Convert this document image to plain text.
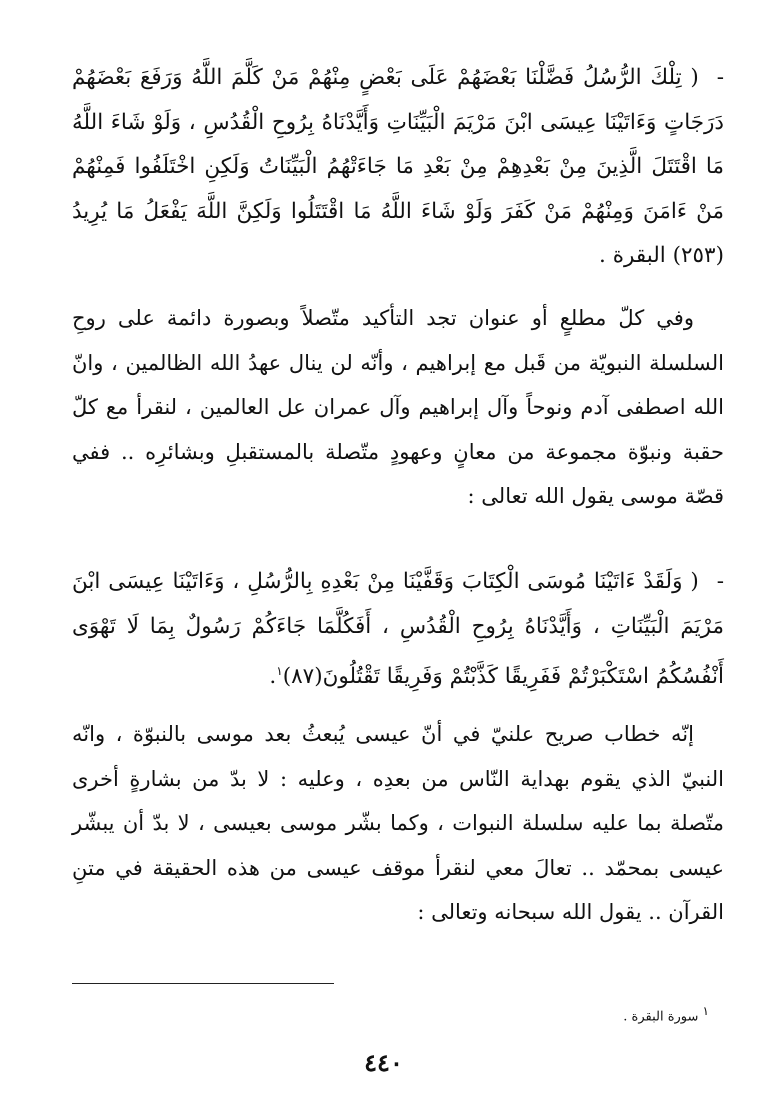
-( تِلْكَ الرُّسُلُ فَضَّلْنَا بَعْضَهُمْ عَلَى بَعْضٍ مِنْهُمْ مَنْ كَلَّمَ اللَّهُ وَرَفَعَ بَعْضَهُمْ دَرَجَاتٍ وَءَاتَيْنَا عِيسَى ابْنَ مَرْيَمَ الْبَيِّنَاتِ وَأَيَّدْنَاهُ بِرُوحِ الْقُدُسِ ، وَلَوْ شَاءَ اللَّهُ مَا اقْتَتَلَ الَّذِينَ مِنْ بَعْدِهِمْ مِنْ بَعْدِ مَا جَاءَتْهُمُ الْبَيِّنَاتُ وَلَكِنِ اخْتَلَفُوا فَمِنْهُمْ مَنْ ءَامَنَ وَمِنْهُمْ مَنْ كَفَرَ وَلَوْ شَاءَ اللَّهُ مَا اقْتَتَلُوا وَلَكِنَّ اللَّهَ يَفْعَلُ مَا يُرِيدُ (٢٥٣) البقرة .
وفي كلّ مطلعٍ أو عنوان تجد التأكيد متّصلاً وبصورة دائمة على روحِ السلسلة النبويّة من قَبل مع إبراهيم ، وأنّه لن ينال عهدُ الله الظالمين ، وانّ الله اصطفى آدم ونوحاً وآل إبراهيم وآل عمران عل العالمين ، لنقرأ مع كلّ حقبة ونبوّة مجموعة من معانٍ وعهودٍ متّصلة بالمستقبلِ وبشائرِه .. ففي قصّة موسى يقول الله تعالى :
-( وَلَقَدْ ءَاتَيْنَا مُوسَى الْكِتَابَ وَقَفَّيْنَا مِنْ بَعْدِهِ بِالرُّسُلِ ، وَءَاتَيْنَا عِيسَى ابْنَ مَرْيَمَ الْبَيِّنَاتِ ، وَأَيَّدْنَاهُ بِرُوحِ الْقُدُسِ ، أَفَكُلَّمَا جَاءَكُمْ رَسُولٌ بِمَا لَا تَهْوَى أَنْفُسُكُمُ اسْتَكْبَرْتُمْ فَفَرِيقًا كَذَّبْتُمْ وَفَرِيقًا تَقْتُلُونَ(٨٧)$^١$.
إنّه خطاب صريح علنيّ في أنّ عيسى يُبعثُ بعد موسى بالنبوّة ، وانّه النبيّ الذي يقوم بهداية النّاس من بعدِه ، وعليه : لا بدّ من بشارةٍ أخرى متّصلة بما عليه سلسلة النبوات ، وكما بشّر موسى بعيسى ، لا بدّ أن يبشّر عيسى بمحمّد .. تعالَ معي لنقرأ موقف عيسى من هذه الحقيقة في متنِ القرآن .. يقول الله سبحانه وتعالى :
١ سورة البقرة .
٤٤٠
